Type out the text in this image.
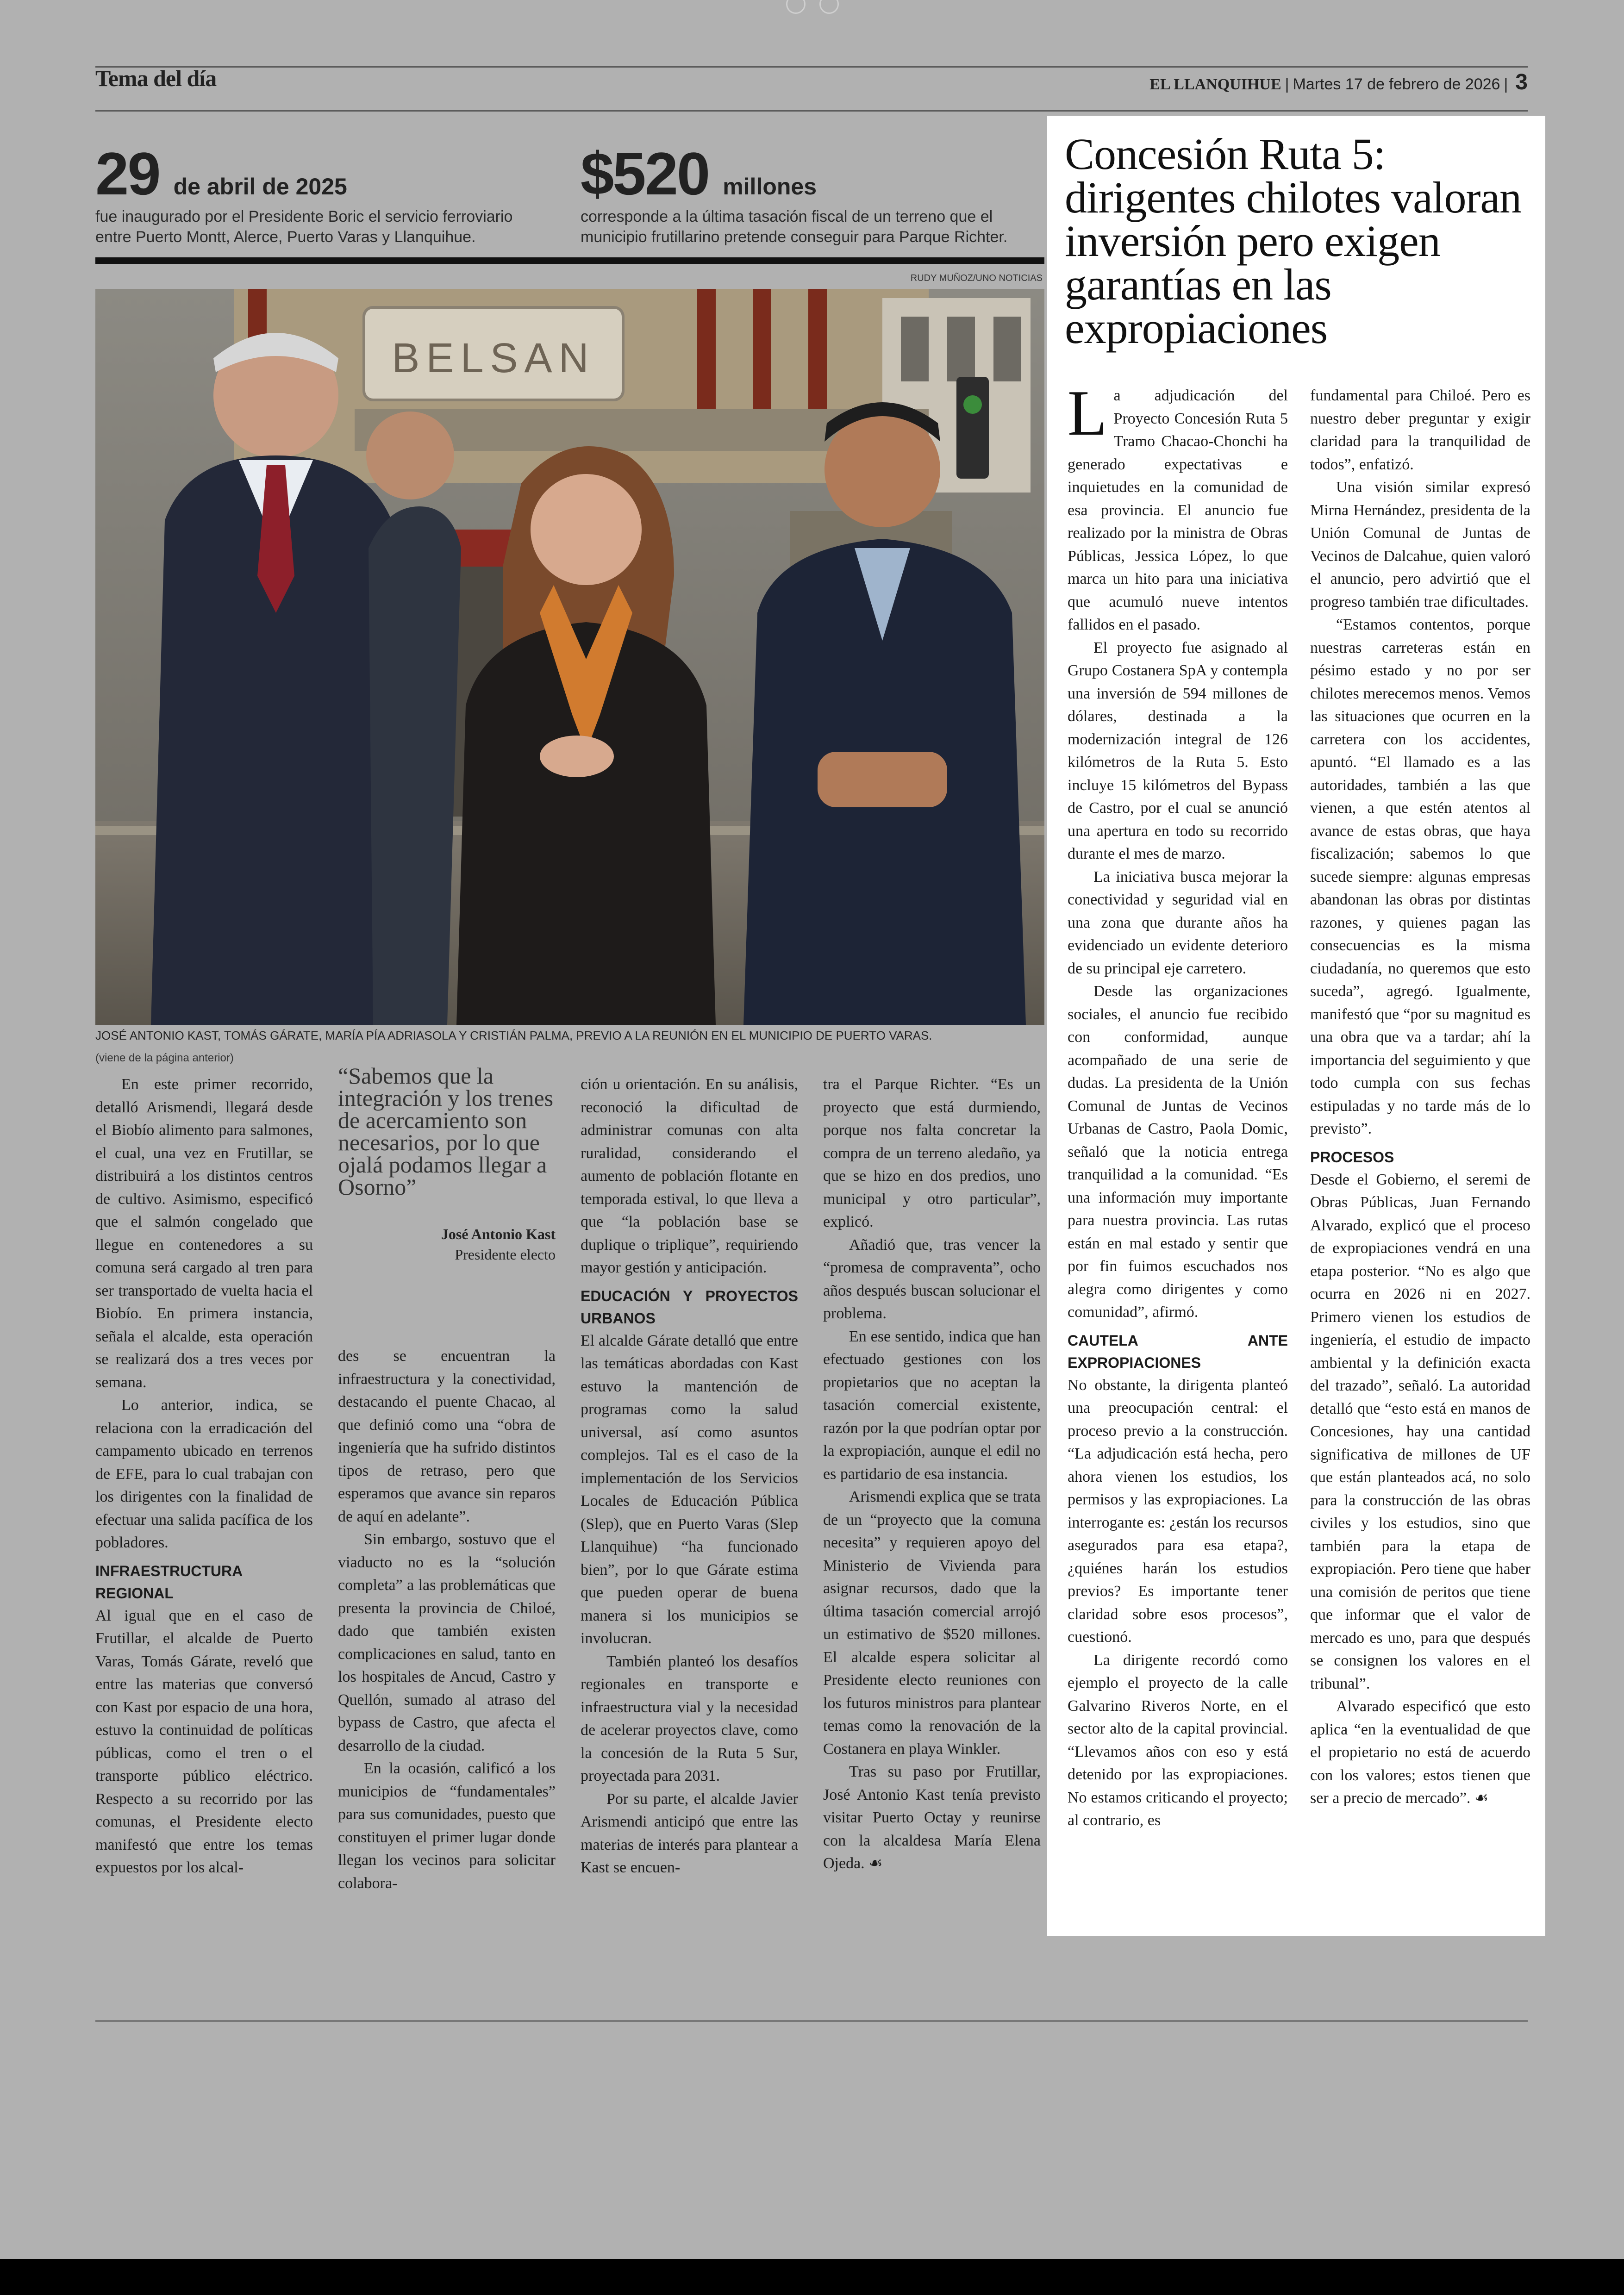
Tema del día	EL LLANQUIHUE | Martes 17 de febrero de 2026 | 3
29 de abril de 2025
fue inaugurado por el Presidente Boric el servicio ferroviario
entre Puerto Montt, Alerce, Puerto Varas y Llanquihue.
$520 millones
corresponde a la última tasación fiscal de un terreno que el
municipio frutillarino pretende conseguir para Parque Richter.
RUDY MUÑOZ/UNO NOTICIAS
BELSAN
JOSÉ ANTONIO KAST, TOMÁS GÁRATE, MARÍA PÍA ADRIASOLA Y CRISTIÁN PALMA, PREVIO A LA REUNIÓN EN EL MUNICIPIO DE PUERTO VARAS.
(viene de la página anterior)

En este primer recorrido, detalló Arismendi, llegará desde el Biobío alimento para salmones, el cual, una vez en Frutillar, se distribuirá a los distintos centros de cultivo. Asimismo, especificó que el salmón congelado que llegue en contenedores a su comuna será cargado al tren para ser transportado de vuelta hacia el Biobío. En primera instancia, señala el alcalde, esta operación se realizará dos a tres veces por semana.

Lo anterior, indica, se relaciona con la erradicación del campamento ubicado en terrenos de EFE, para lo cual trabajan con los dirigentes con la finalidad de efectuar una salida pacífica de los pobladores.

INFRAESTRUCTURA REGIONAL

Al igual que en el caso de Frutillar, el alcalde de Puerto Varas, Tomás Gárate, reveló que entre las materias que conversó con Kast por espacio de una hora, estuvo la continuidad de políticas públicas, como el tren o el transporte público eléctrico. Respecto a su recorrido por las comunas, el Presidente electo manifestó que entre los temas expuestos por los alcal-

“Sabemos que la integración y los trenes de acercamiento son necesarios, por lo que ojalá podamos llegar a Osorno”
José Antonio Kast
Presidente electo

des se encuentran la infraestructura y la conectividad, destacando el puente Chacao, al que definió como una “obra de ingeniería que ha sufrido distintos tipos de retraso, pero que esperamos que avance sin reparos de aquí en adelante”.

Sin embargo, sostuvo que el viaducto no es la “solución completa” a las problemáticas que presenta la provincia de Chiloé, dado que también existen complicaciones en salud, tanto en los hospitales de Ancud, Castro y Quellón, sumado al atraso del bypass de Castro, que afecta el desarrollo de la ciudad.

En la ocasión, calificó a los municipios de “fundamentales” para sus comunidades, puesto que constituyen el primer lugar donde llegan los vecinos para solicitar colabora-

ción u orientación. En su análisis, reconoció la dificultad de administrar comunas con alta ruralidad, considerando el aumento de población flotante en temporada estival, lo que lleva a que “la población base se duplique o triplique”, requiriendo mayor gestión y anticipación.

EDUCACIÓN Y PROYECTOS URBANOS

El alcalde Gárate detalló que entre las temáticas abordadas con Kast estuvo la mantención de programas como la salud universal, así como asuntos complejos. Tal es el caso de la implementación de los Servicios Locales de Educación Pública (Slep), que en Puerto Varas (Slep Llanquihue) “ha funcionado bien”, por lo que Gárate estima que pueden operar de buena manera si los municipios se involucran.

También planteó los desafíos regionales en transporte e infraestructura vial y la necesidad de acelerar proyectos clave, como la concesión de la Ruta 5 Sur, proyectada para 2031.

Por su parte, el alcalde Javier Arismendi anticipó que entre las materias de interés para plantear a Kast se encuen-

tra el Parque Richter. “Es un proyecto que está durmiendo, porque nos falta concretar la compra de un terreno aledaño, ya que se hizo en dos predios, uno municipal y otro particular”, explicó.

Añadió que, tras vencer la “promesa de compraventa”, ocho años después buscan solucionar el problema.

En ese sentido, indica que han efectuado gestiones con los propietarios que no aceptan la tasación comercial existente, razón por la que podrían optar por la expropiación, aunque el edil no es partidario de esa instancia.

Arismendi explica que se trata de un “proyecto que la comuna necesita” y requieren apoyo del Ministerio de Vivienda para asignar recursos, dado que la última tasación comercial arrojó un estimativo de $520 millones. El alcalde espera solicitar al Presidente electo reuniones con los futuros ministros para plantear temas como la renovación de la Costanera en playa Winkler.

Tras su paso por Frutillar, José Antonio Kast tenía previsto visitar Puerto Octay y reunirse con la alcaldesa María Elena Ojeda. ☙

Concesión Ruta 5: dirigentes chilotes valoran inversión pero exigen garantías en las expropiaciones

La adjudicación del Proyecto Concesión Ruta 5 Tramo Chacao-Chonchi ha generado expectativas e inquietudes en la comunidad de esa provincia. El anuncio fue realizado por la ministra de Obras Públicas, Jessica López, lo que marca un hito para una iniciativa que acumuló nueve intentos fallidos en el pasado.

El proyecto fue asignado al Grupo Costanera SpA y contempla una inversión de 594 millones de dólares, destinada a la modernización integral de 126 kilómetros de la Ruta 5. Esto incluye 15 kilómetros del Bypass de Castro, por el cual se anunció una apertura en todo su recorrido durante el mes de marzo.

La iniciativa busca mejorar la conectividad y seguridad vial en una zona que durante años ha evidenciado un evidente deterioro de su principal eje carretero.

Desde las organizaciones sociales, el anuncio fue recibido con conformidad, aunque acompañado de una serie de dudas. La presidenta de la Unión Comunal de Juntas de Vecinos Urbanas de Castro, Paola Domic, señaló que la noticia entrega tranquilidad a la comunidad. “Es una información muy importante para nuestra provincia. Las rutas están en mal estado y sentir que por fin fuimos escuchados nos alegra como dirigentes y como comunidad”, afirmó.

CAUTELA ANTE EXPROPIACIONES

No obstante, la dirigenta planteó una preocupación central: el proceso previo a la construcción. “La adjudicación está hecha, pero ahora vienen los estudios, los permisos y las expropiaciones. La interrogante es: ¿están los recursos asegurados para esa etapa?, ¿quiénes harán los estudios previos? Es importante tener claridad sobre esos procesos”, cuestionó.

La dirigente recordó como ejemplo el proyecto de la calle Galvarino Riveros Norte, en el sector alto de la capital provincial. “Llevamos años con eso y está detenido por las expropiaciones. No estamos criticando el proyecto; al contrario, es

fundamental para Chiloé. Pero es nuestro deber preguntar y exigir claridad para la tranquilidad de todos”, enfatizó.

Una visión similar expresó Mirna Hernández, presidenta de la Unión Comunal de Juntas de Vecinos de Dalcahue, quien valoró el anuncio, pero advirtió que el progreso también trae dificultades.

“Estamos contentos, porque nuestras carreteras están en pésimo estado y no por ser chilotes merecemos menos. Vemos las situaciones que ocurren en la carretera con los accidentes, apuntó. “El llamado es a las autoridades, también a las que vienen, a que estén atentos al avance de estas obras, que haya fiscalización; sabemos lo que sucede siempre: algunas empresas abandonan las obras por distintas razones, y quienes pagan las consecuencias es la misma ciudadanía, no queremos que esto suceda”, agregó. Igualmente, manifestó que “por su magnitud es una obra que va a tardar; ahí la importancia del seguimiento y que todo cumpla con sus fechas estipuladas y no tarde más de lo previsto”.

PROCESOS

Desde el Gobierno, el seremi de Obras Públicas, Juan Fernando Alvarado, explicó que el proceso de expropiaciones vendrá en una etapa posterior. “No es algo que ocurra en 2026 ni en 2027. Primero vienen los estudios de ingeniería, el estudio de impacto ambiental y la definición exacta del trazado”, señaló. La autoridad detalló que “esto está en manos de Concesiones, hay una cantidad significativa de millones de UF que están planteados acá, no solo para la construcción de las obras civiles y los estudios, sino que también para la etapa de expropiación. Pero tiene que haber una comisión de peritos que tiene que informar que el valor de mercado es uno, para que después se consignen los valores en el tribunal”.

Alvarado especificó que esto aplica “en la eventualidad de que el propietario no está de acuerdo con los valores; estos tienen que ser a precio de mercado”. ☙
